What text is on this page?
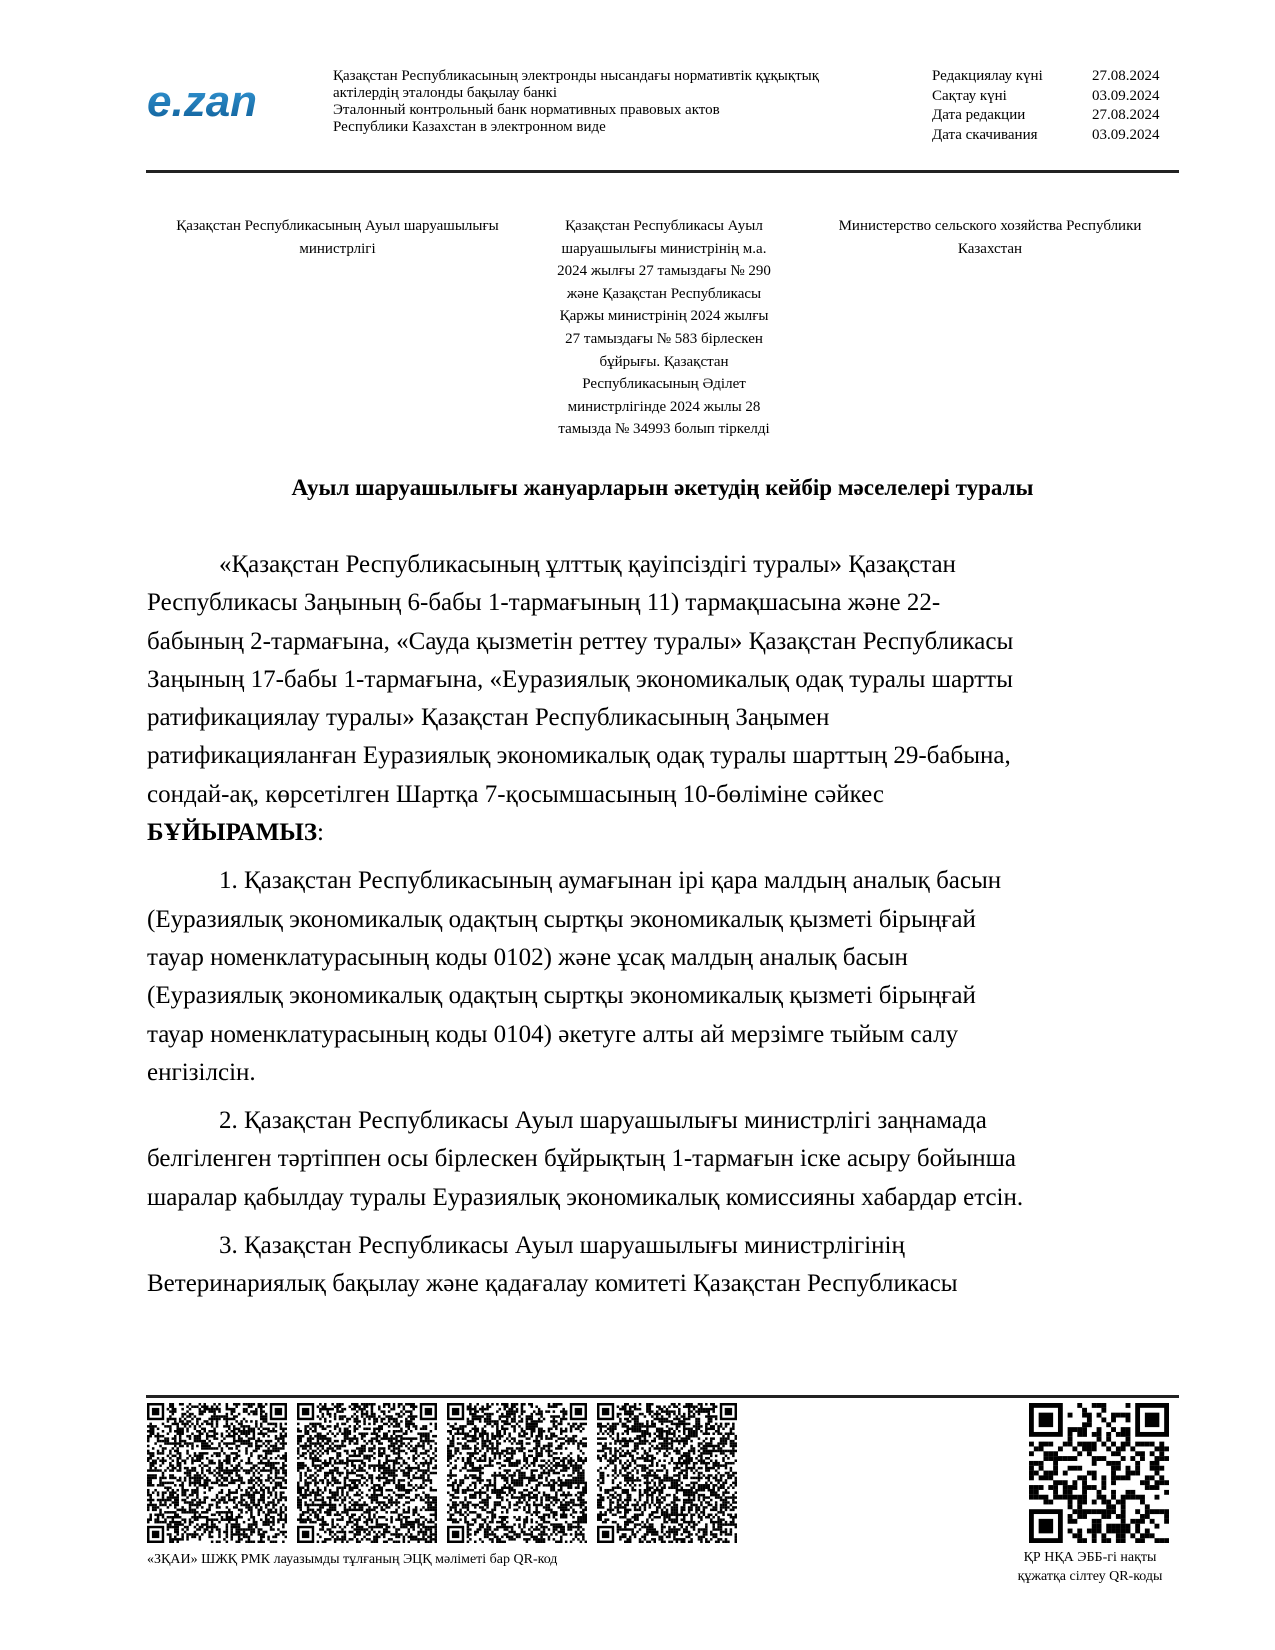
e.zan
Қазақстан Республикасының электронды нысандағы нормативтік құқықтық
актілердің эталонды бақылау банкі
Эталонный контрольный банк нормативных правовых актов
Республики Казахстан в электронном виде
Редакциялау күні	27.08.2024
Сақтау күні	03.09.2024
Дата редакции	27.08.2024
Дата скачивания	03.09.2024
Қазақстан Республикасының Ауыл шаруашылығы
министрлігі
Қазақстан Республикасы Ауыл
шаруашылығы министрінің м.а.
2024 жылғы 27 тамыздағы № 290
және Қазақстан Республикасы
Қаржы министрінің 2024 жылғы
27 тамыздағы № 583 бірлескен
бұйрығы. Қазақстан
Республикасының Әділет
министрлігінде 2024 жылы 28
тамызда № 34993 болып тіркелді
Министерство сельского хозяйства Республики
Казахстан
Ауыл шаруашылығы жануарларын әкетудің кейбір мәселелері туралы
«Қазақстан Республикасының ұлттық қауіпсіздігі туралы» Қазақстан
Республикасы Заңының 6-бабы 1-тармағының 11) тармақшасына және 22-
бабының 2-тармағына, «Сауда қызметін реттеу туралы» Қазақстан Республикасы
Заңының 17-бабы 1-тармағына, «Еуразиялық экономикалық одақ туралы шартты
ратификациялау туралы» Қазақстан Республикасының Заңымен
ратификацияланған Еуразиялық экономикалық одақ туралы шарттың 29-бабына,
сондай-ақ, көрсетілген Шартқа 7-қосымшасының 10-бөліміне сәйкес
БҰЙЫРАМЫЗ:
1. Қазақстан Республикасының аумағынан ірі қара малдың аналық басын
(Еуразиялық экономикалық одақтың сыртқы экономикалық қызметі бірыңғай
тауар номенклатурасының коды 0102) және ұсақ малдың аналық басын
(Еуразиялық экономикалық одақтың сыртқы экономикалық қызметі бірыңғай
тауар номенклатурасының коды 0104) әкетуге алты ай мерзімге тыйым салу
енгізілсін.
2. Қазақстан Республикасы Ауыл шаруашылығы министрлігі заңнамада
белгіленген тәртіппен осы бірлескен бұйрықтың 1-тармағын іске асыру бойынша
шаралар қабылдау туралы Еуразиялық экономикалық комиссияны хабардар етсін.
3. Қазақстан Республикасы Ауыл шаруашылығы министрлігінің
Ветеринариялық бақылау және қадағалау комитеті Қазақстан Республикасы
«ЗҚАИ» ШЖҚ РМК лауазымды тұлғаның ЭЦҚ мәліметі бар QR-код	ҚР НҚА ЭББ-гі нақты
құжатқа сілтеу QR-коды
